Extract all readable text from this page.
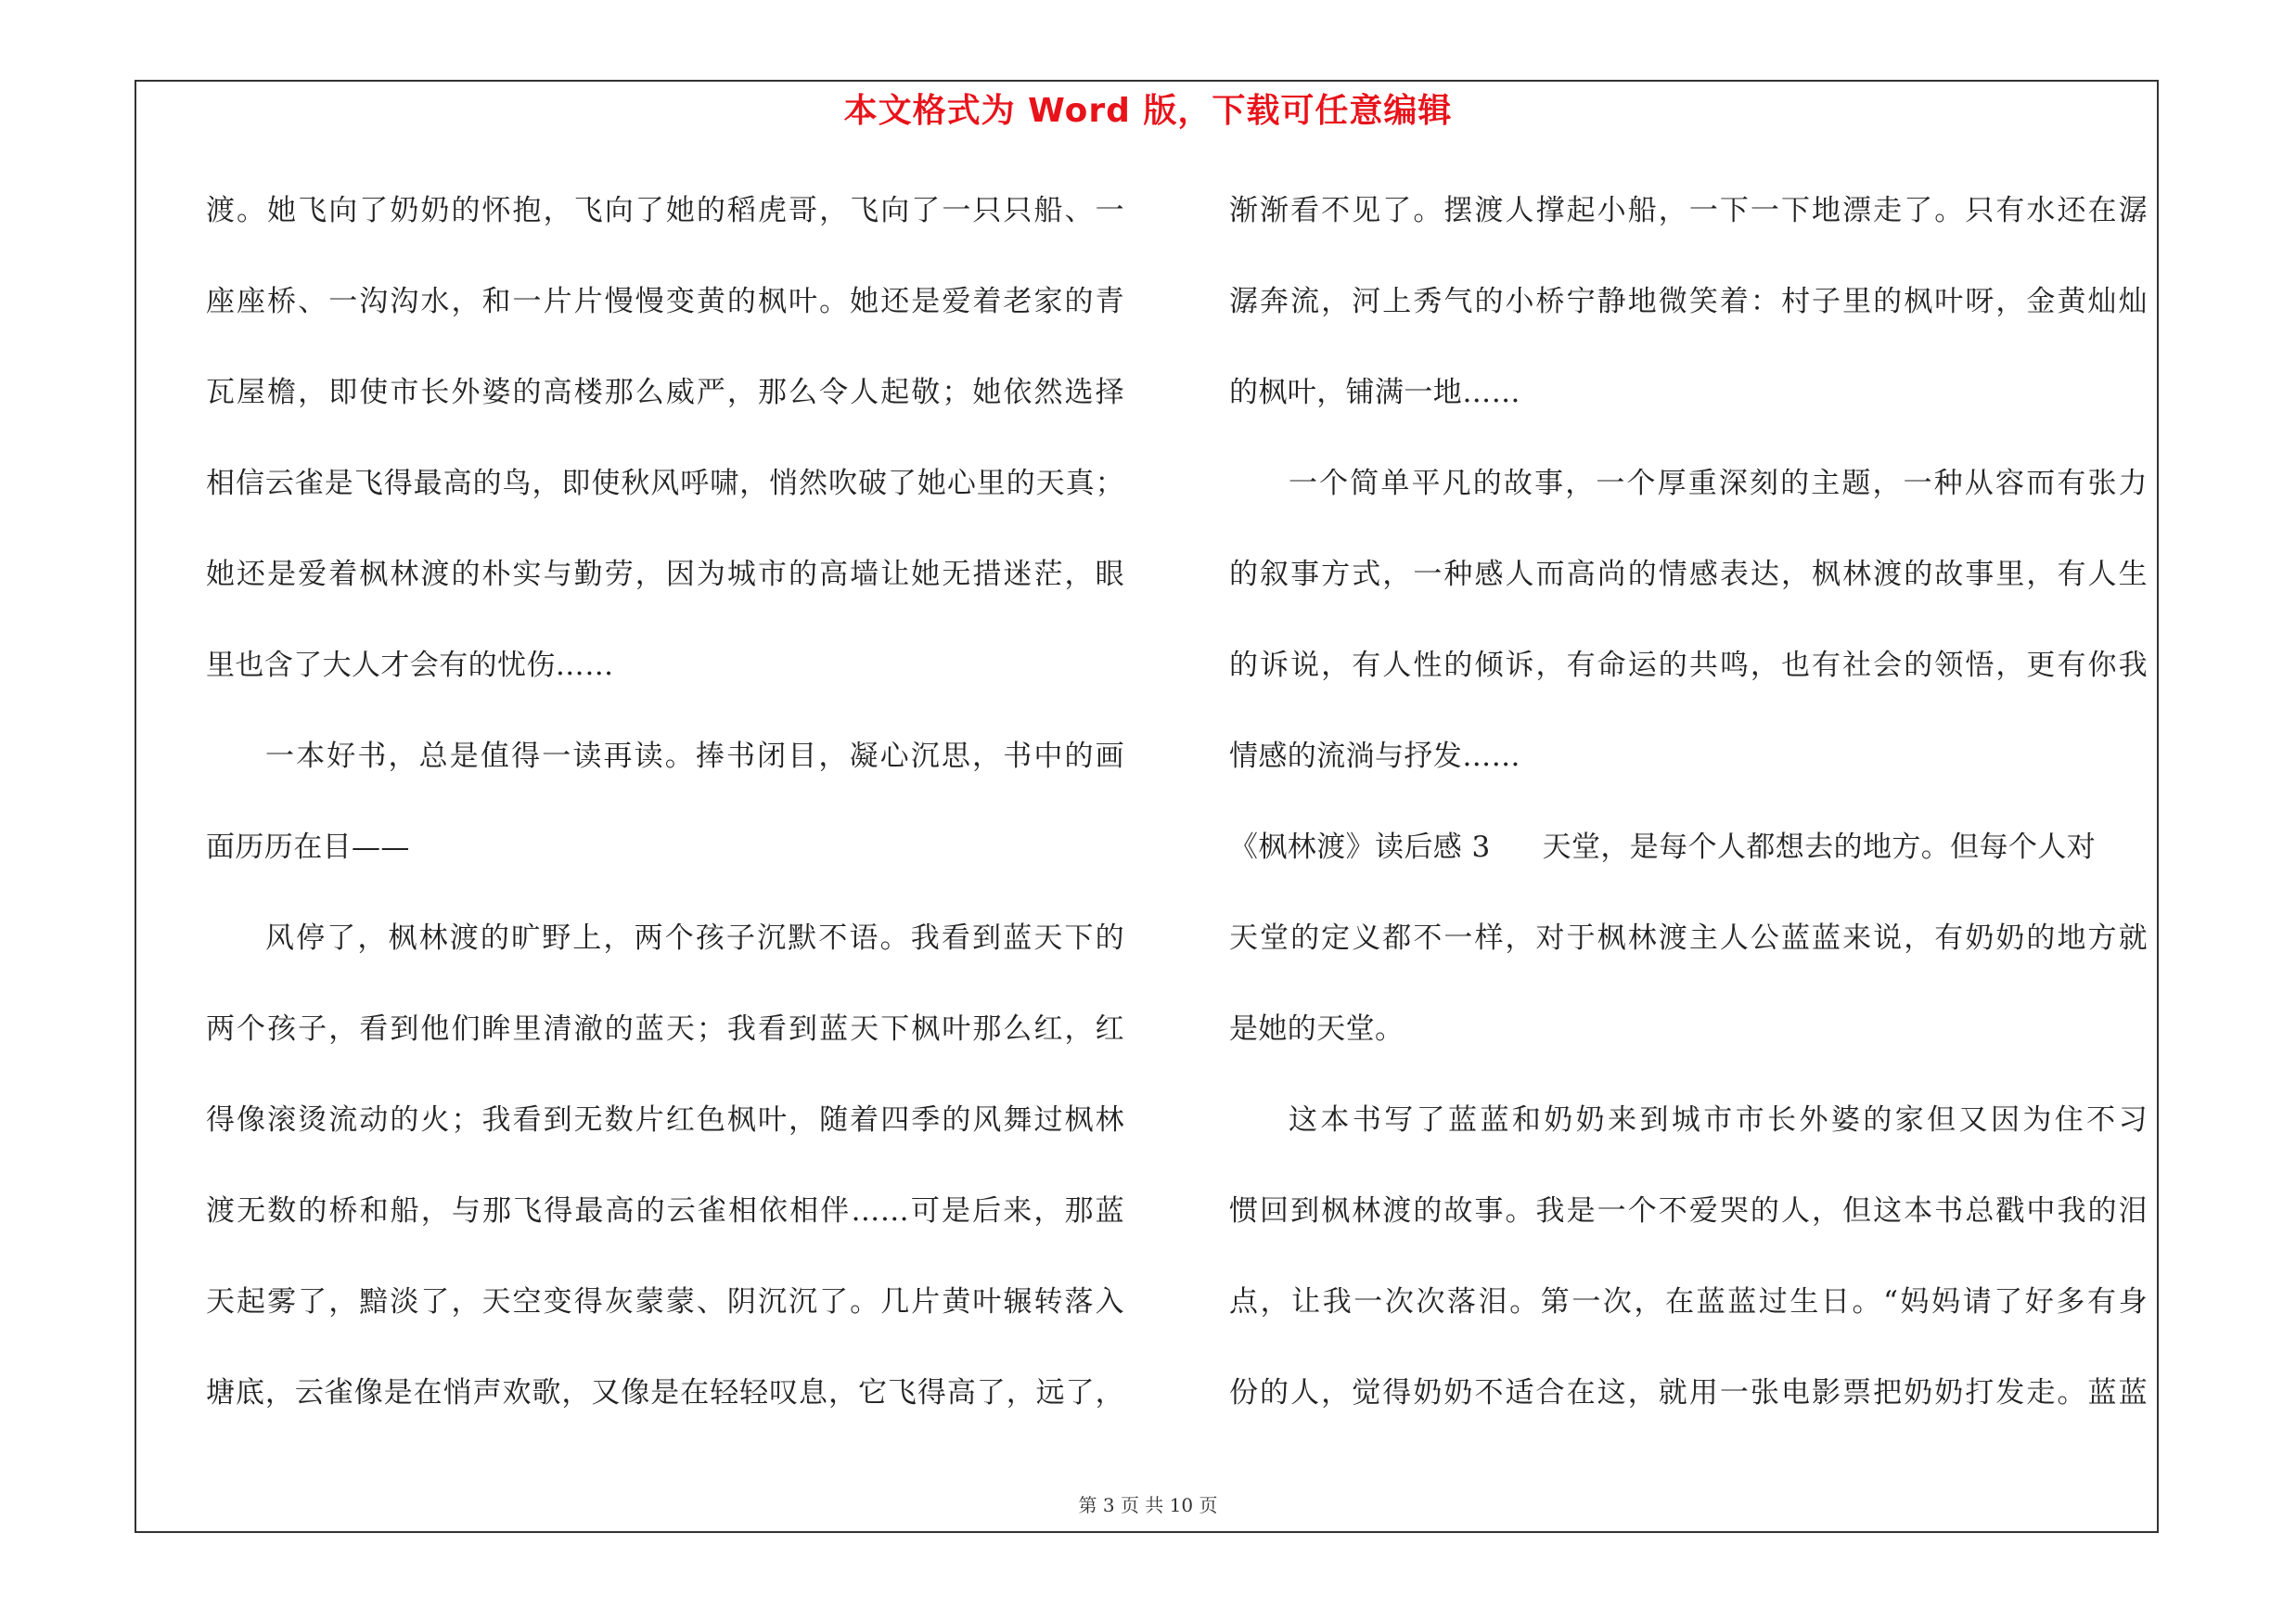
本文格式为 Word 版，下载可任意编辑
渡。她飞向了奶奶的怀抱，飞向了她的稻虎哥，飞向了一只只船、一
座座桥、一沟沟水，和一片片慢慢变黄的枫叶。她还是爱着老家的青
瓦屋檐，即使市长外婆的高楼那么威严，那么令人起敬；她依然选择
相信云雀是飞得最高的鸟，即使秋风呼啸，悄然吹破了她心里的天真；
她还是爱着枫林渡的朴实与勤劳，因为城市的高墙让她无措迷茫，眼
里也含了大人才会有的忧伤……
一本好书，总是值得一读再读。捧书闭目，凝心沉思，书中的画
面历历在目——
风停了，枫林渡的旷野上，两个孩子沉默不语。我看到蓝天下的
两个孩子，看到他们眸里清澈的蓝天；我看到蓝天下枫叶那么红，红
得像滚烫流动的火；我看到无数片红色枫叶，随着四季的风舞过枫林
渡无数的桥和船，与那飞得最高的云雀相依相伴……可是后来，那蓝
天起雾了，黯淡了，天空变得灰蒙蒙、阴沉沉了。几片黄叶辗转落入
塘底，云雀像是在悄声欢歌，又像是在轻轻叹息，它飞得高了，远了，
渐渐看不见了。摆渡人撑起小船，一下一下地漂走了。只有水还在潺
潺奔流，河上秀气的小桥宁静地微笑着：村子里的枫叶呀，金黄灿灿
的枫叶，铺满一地……
一个简单平凡的故事，一个厚重深刻的主题，一种从容而有张力
的叙事方式，一种感人而高尚的情感表达，枫林渡的故事里，有人生
的诉说，有人性的倾诉，有命运的共鸣，也有社会的领悟，更有你我
情感的流淌与抒发……
《枫林渡》读后感 3 天堂，是每个人都想去的地方。但每个人对
天堂的定义都不一样，对于枫林渡主人公蓝蓝来说，有奶奶的地方就
是她的天堂。
这本书写了蓝蓝和奶奶来到城市市长外婆的家但又因为住不习
惯回到枫林渡的故事。我是一个不爱哭的人，但这本书总戳中我的泪
点，让我一次次落泪。第一次，在蓝蓝过生日。“妈妈请了好多有身
份的人，觉得奶奶不适合在这，就用一张电影票把奶奶打发走。蓝蓝
第 3 页 共 10 页
